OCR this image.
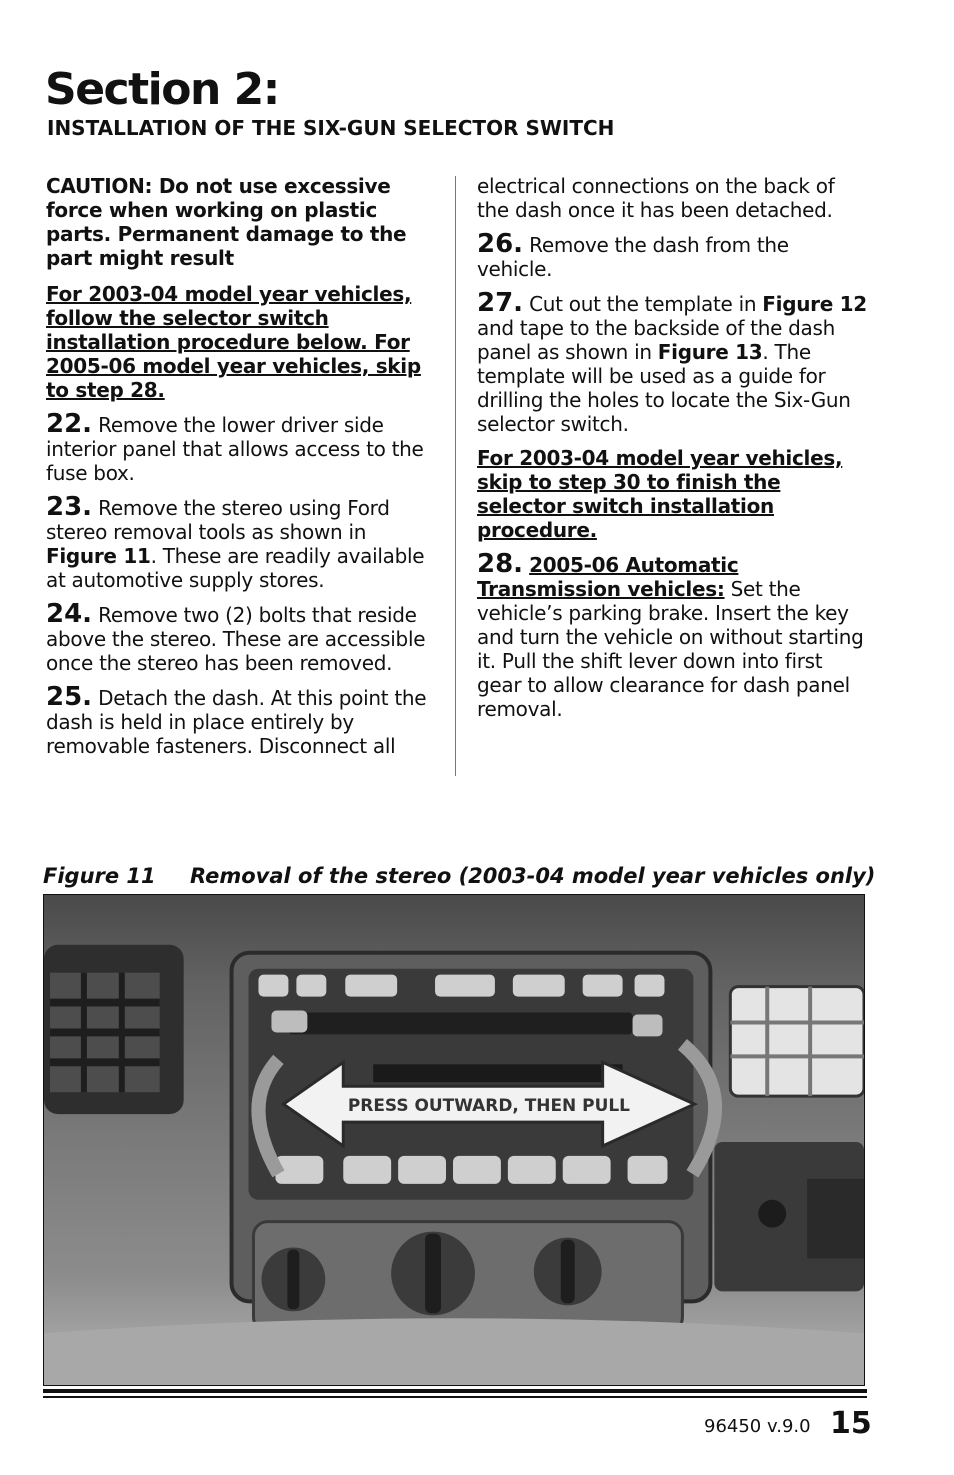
Section 2:
INSTALLATION OF THE SIX-GUN SELECTOR SWITCH

CAUTION: Do not use excessive force when working on plastic parts. Permanent damage to the part might result

For 2003-04 model year vehicles, follow the selector switch installation procedure below. For 2005-06 model year vehicles, skip to step 28.

22. Remove the lower driver side interior panel that allows access to the fuse box.

23. Remove the stereo using Ford stereo removal tools as shown in Figure 11. These are readily available at automotive supply stores.

24. Remove two (2) bolts that reside above the stereo. These are accessible once the stereo has been removed.

25. Detach the dash. At this point the dash is held in place entirely by removable fasteners. Disconnect all

electrical connections on the back of the dash once it has been detached.

26. Remove the dash from the vehicle.

27. Cut out the template in Figure 12 and tape to the backside of the dash panel as shown in Figure 13. The template will be used as a guide for drilling the holes to locate the Six-Gun selector switch.

For 2003-04 model year vehicles, skip to step 30 to finish the selector switch installation procedure.

28. 2005-06 Automatic Transmission vehicles: Set the vehicle’s parking brake. Insert the key and turn the vehicle on without starting it. Pull the shift lever down into first gear to allow clearance for dash panel removal.

Figure 11 Removal of the stereo (2003-04 model year vehicles only)

PRESS OUTWARD, THEN PULL

96450 v.9.0 15
